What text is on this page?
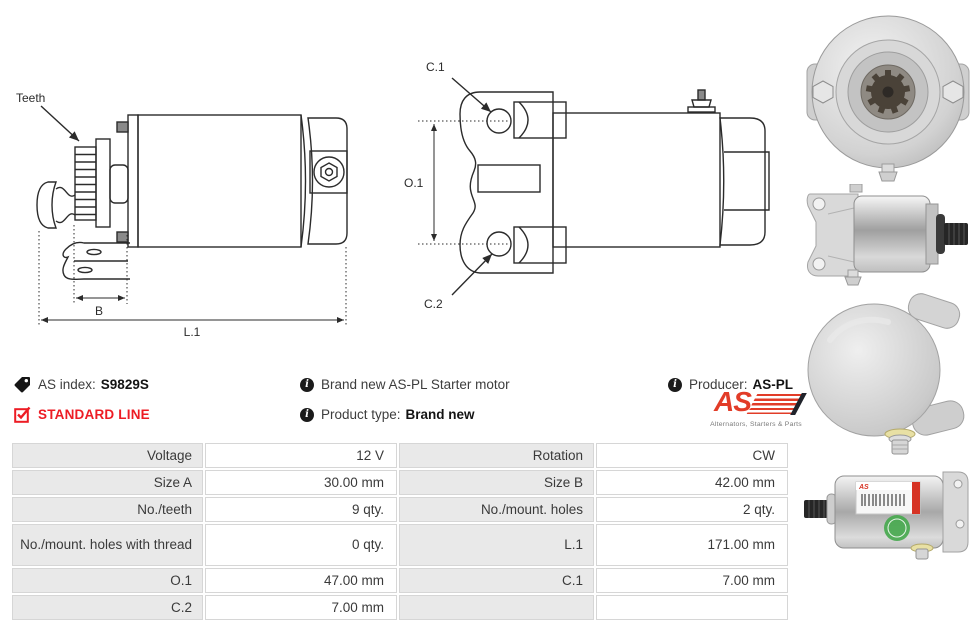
Teeth
B
L.1
C.1
O.1
C.2
AS
AS index: S9829S
STANDARD LINE
i Brand new AS-PL Starter motor
i Product type: Brand new
i Producer: AS-PL
AS
Alternators, Starters & Parts
Voltage	12 V	Rotation	CW
Size A	30.00 mm	Size B	42.00 mm
No./teeth	9 qty.	No./mount. holes	2 qty.
No./mount. holes with thread	0 qty.	L.1	171.00 mm
O.1	47.00 mm	C.1	7.00 mm
C.2	7.00 mm
